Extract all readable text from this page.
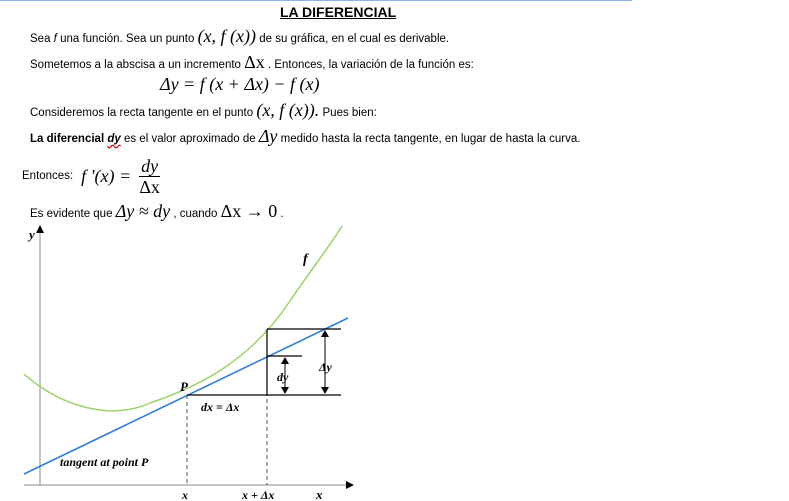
LA DIFERENCIAL
Sea f una función. Sea un punto (x, f (x)) de su gráfica, en el cual es derivable.
Sometemos a la abscisa a un incremento Δx . Entonces, la variación de la función es:
Δy = f (x + Δx) − f (x)
Consideremos la recta tangente en el punto (x, f (x)). Pues bien:
La diferencial dy es el valor aproximado de Δy medido hasta la recta tangente, en lugar de hasta la curva.
Entonces: f '$(x) = \frac{dy}{\Delta x}$
Es evidente que Δy ≈ dy , cuando Δx → 0 .
y
x
f
tangent at point P
P
dx = Δx
dy
Δy
x	x + Δx
